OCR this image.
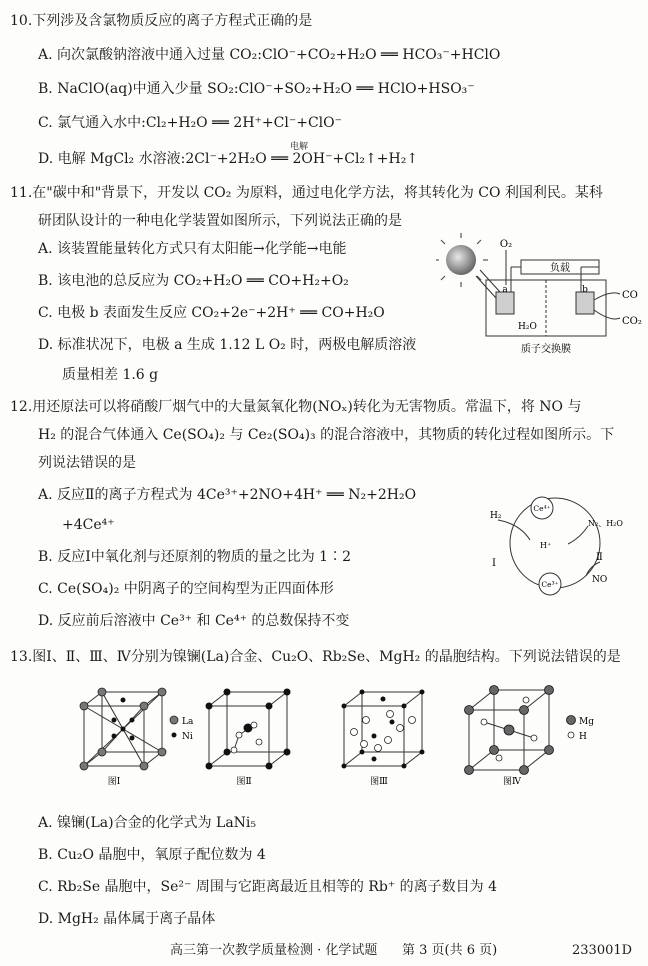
10.下列涉及含氯物质反应的离子方程式正确的是
A. 向次氯酸钠溶液中通入过量 CO₂:ClO⁻+CO₂+H₂O ══ HCO₃⁻+HClO
B. NaClO(aq)中通入少量 SO₂:ClO⁻+SO₂+H₂O ══ HClO+HSO₃⁻
C. 氯气通入水中:Cl₂+H₂O ══ 2H⁺+Cl⁻+ClO⁻
电解
D. 电解 MgCl₂ 水溶液:2Cl⁻+2H₂O ══ 2OH⁻+Cl₂↑+H₂↑
11.在"碳中和"背景下，开发以 CO₂ 为原料，通过电化学方法，将其转化为 CO 利国利民。某科
研团队设计的一种电化学装置如图所示，下列说法正确的是
A. 该装置能量转化方式只有太阳能→化学能→电能
B. 该电池的总反应为 CO₂+H₂O ══ CO+H₂+O₂
C. 电极 b 表面发生反应 CO₂+2e⁻+2H⁺ ══ CO+H₂O
D. 标准状况下，电极 a 生成 1.12 L O₂ 时，两极电解质溶液
质量相差 1.6 g
O₂
负载
a	b	CO
CO₂
H₂O
质子交换膜
12.用还原法可以将硝酸厂烟气中的大量氮氧化物(NOₓ)转化为无害物质。常温下，将 NO 与
H₂ 的混合气体通入 Ce(SO₄)₂ 与 Ce₂(SO₄)₃ 的混合溶液中，其物质的转化过程如图所示。下
列说法错误的是
A. 反应Ⅱ的离子方程式为 4Ce³⁺+2NO+4H⁺ ══ N₂+2H₂O
+4Ce⁴⁺
B. 反应Ⅰ中氧化剂与还原剂的物质的量之比为 1∶2
C. Ce(SO₄)₂ 中阴离子的空间构型为正四面体形
D. 反应前后溶液中 Ce³⁺ 和 Ce⁴⁺ 的总数保持不变
Ce⁴⁺
Ce³⁺
H₂
H⁺
N₂、H₂O
NO
Ⅰ
Ⅱ
13.图Ⅰ、Ⅱ、Ⅲ、Ⅳ分别为镍镧(La)合金、Cu₂O、Rb₂Se、MgH₂ 的晶胞结构。下列说法错误的是
La
Ni
图Ⅰ	图Ⅱ	图Ⅲ
Mg
H
图Ⅳ
A. 镍镧(La)合金的化学式为 LaNi₅
B. Cu₂O 晶胞中，氧原子配位数为 4
C. Rb₂Se 晶胞中，Se²⁻ 周围与它距离最近且相等的 Rb⁺ 的离子数目为 4
D. MgH₂ 晶体属于离子晶体
高三第一次教学质量检测 · 化学试题 第 3 页(共 6 页)	233001D
